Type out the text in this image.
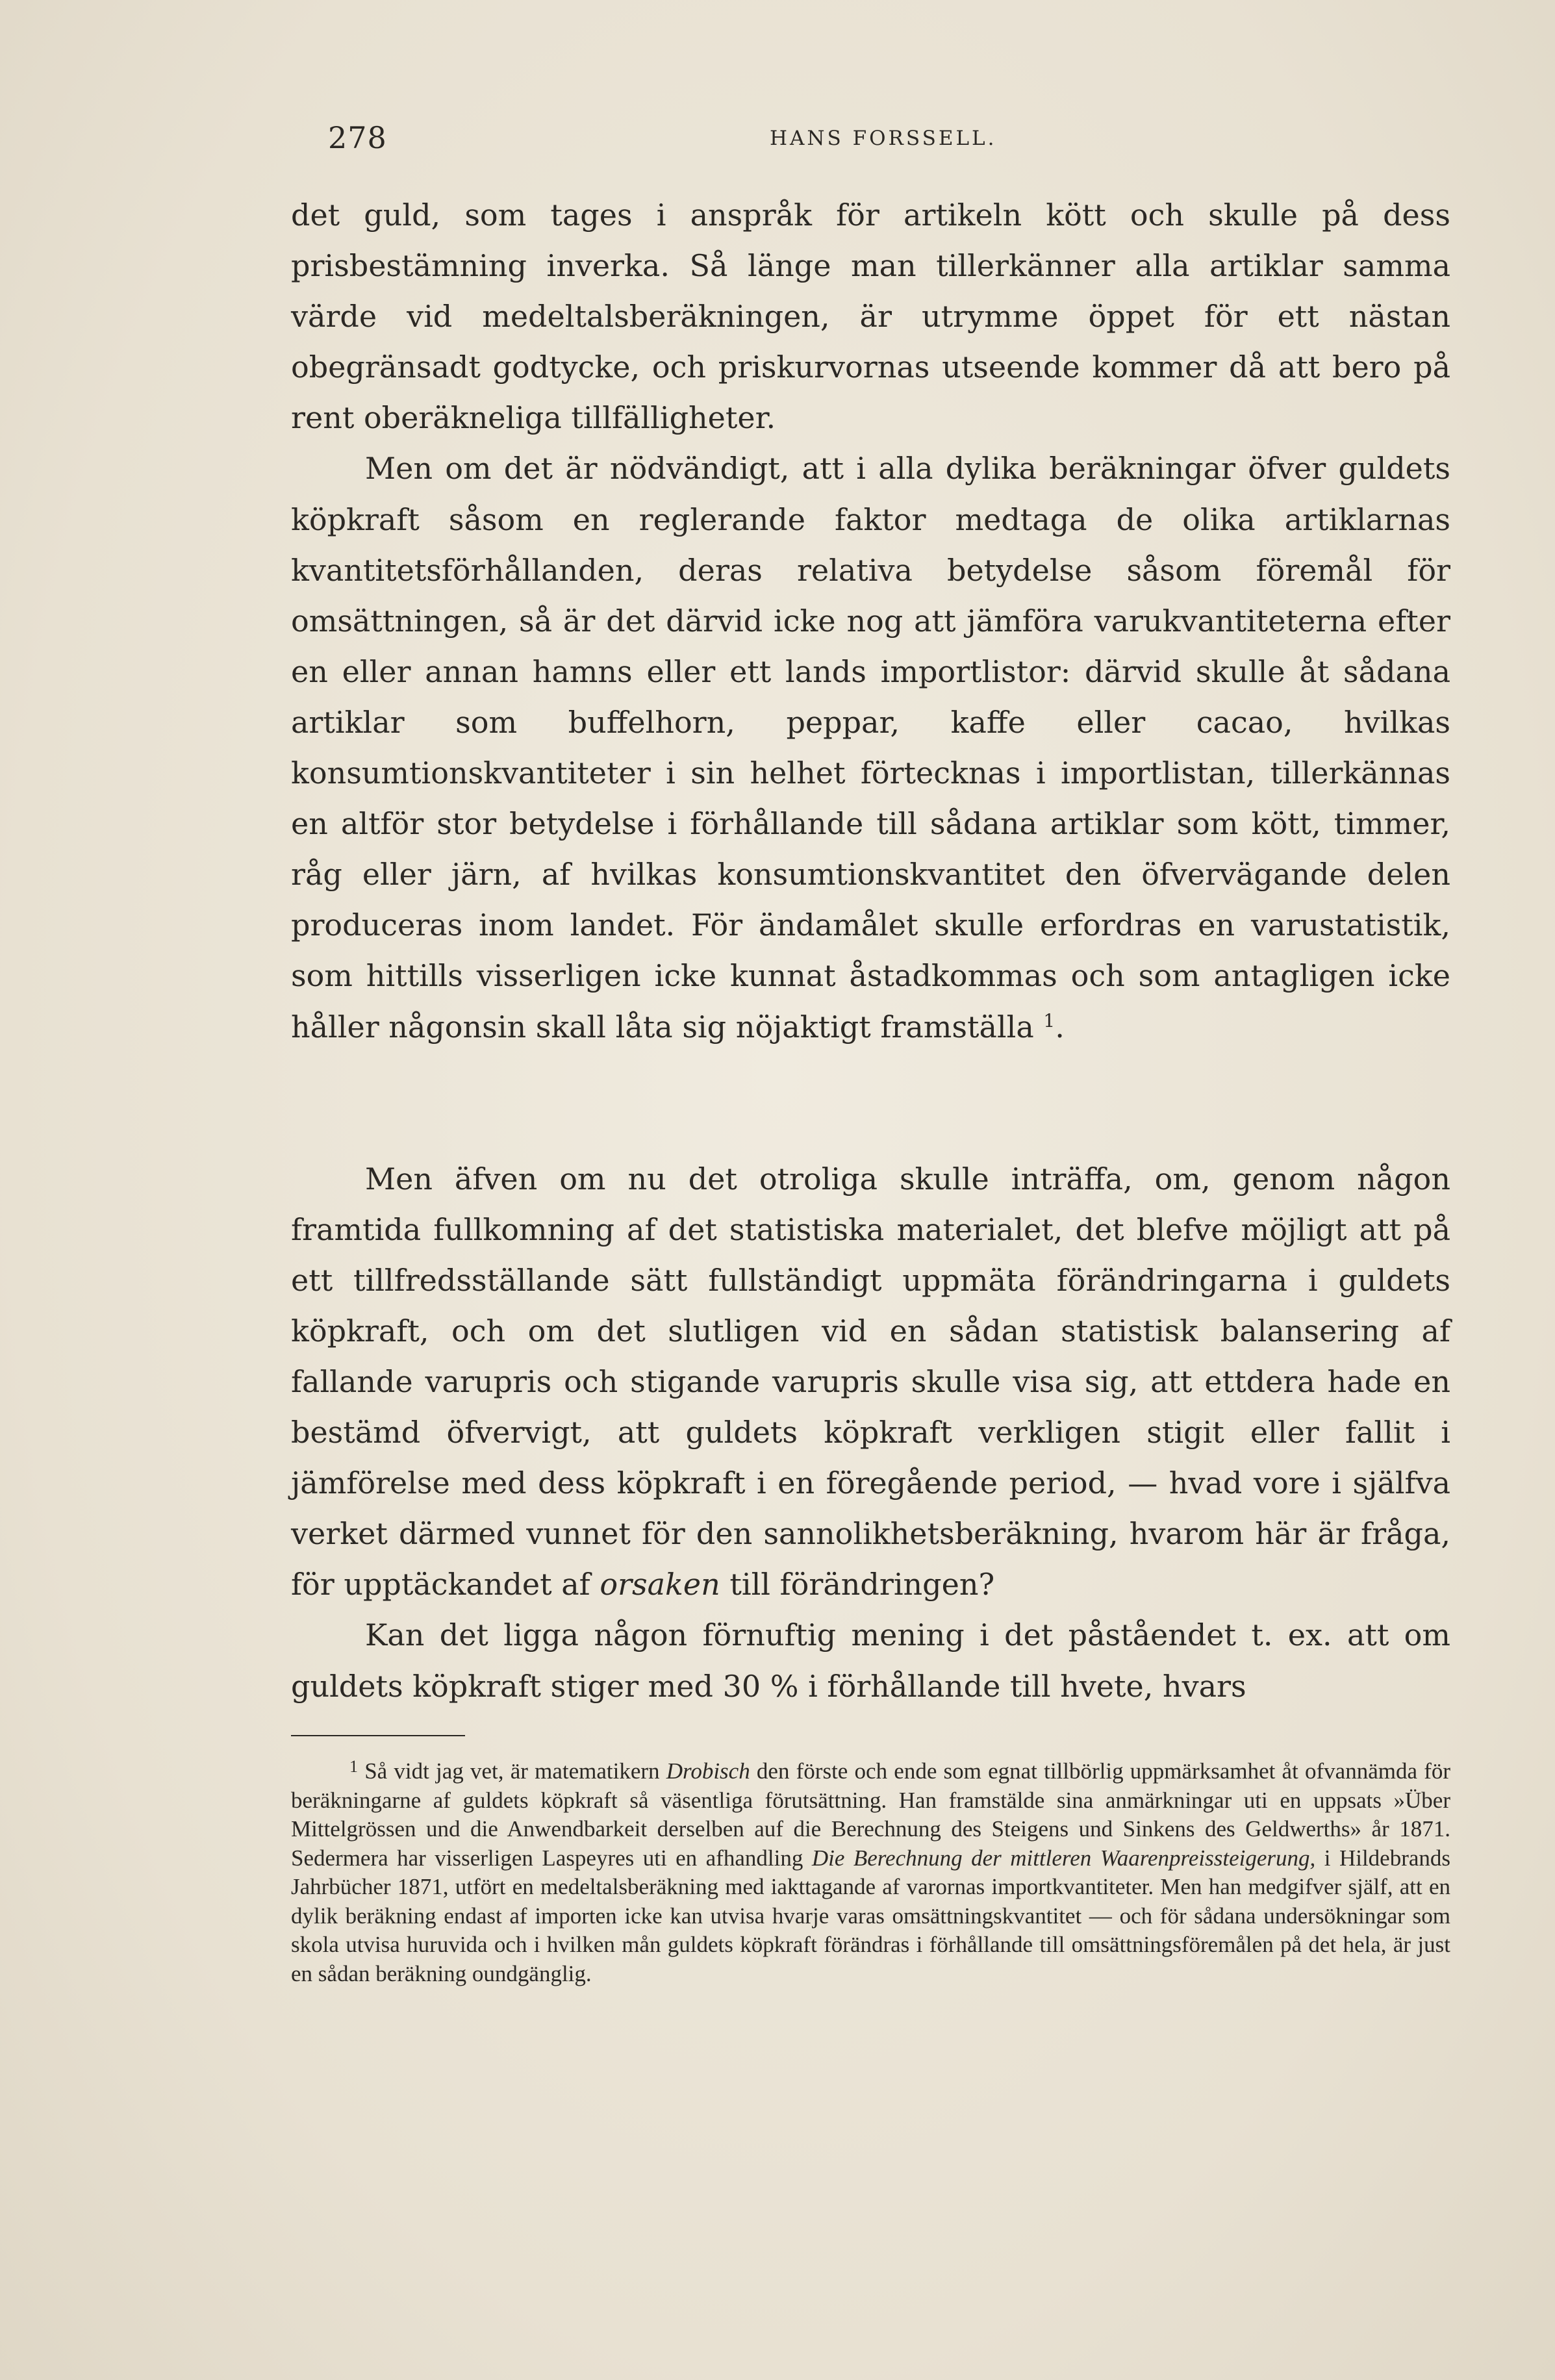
278	HANS FORSSELL.

det guld, som tages i anspråk för artikeln kött och skulle på dess prisbestämning inverka. Så länge man tillerkänner alla artiklar samma värde vid medeltalsberäkningen, är utrymme öppet för ett nästan obegränsadt godtycke, och priskurvornas utseende kommer då att bero på rent oberäkneliga tillfälligheter.

Men om det är nödvändigt, att i alla dylika beräkningar öfver guldets köpkraft såsom en reglerande faktor medtaga de olika artiklarnas kvantitetsförhållanden, deras relativa betydelse såsom föremål för omsättningen, så är det därvid icke nog att jämföra varukvantiteterna efter en eller annan hamns eller ett lands importlistor: därvid skulle åt sådana artiklar som buffelhorn, peppar, kaffe eller cacao, hvilkas konsumtionskvantiteter i sin helhet förtecknas i importlistan, tillerkännas en altför stor betydelse i förhållande till sådana artiklar som kött, timmer, råg eller järn, af hvilkas konsumtionskvantitet den öfvervägande delen produceras inom landet. För ändamålet skulle erfordras en varustatistik, som hittills visserligen icke kunnat åstadkommas och som antagligen icke håller någonsin skall låta sig nöjaktigt framställa $^1$.

Men äfven om nu det otroliga skulle inträffa, om, genom någon framtida fullkomning af det statistiska materialet, det blefve möjligt att på ett tillfredsställande sätt fullständigt uppmäta förändringarna i guldets köpkraft, och om det slutligen vid en sådan statistisk balansering af fallande varupris och stigande varupris skulle visa sig, att ettdera hade en bestämd öfvervigt, att guldets köpkraft verkligen stigit eller fallit i jämförelse med dess köpkraft i en föregående period, — hvad vore i själfva verket därmed vunnet för den sannolikhetsberäkning, hvarom här är fråga, för upptäckandet af orsaken till förändringen?

Kan det ligga någon förnuftig mening i det påståendet t. ex. att om guldets köpkraft stiger med 30 % i förhållande till hvete, hvars

$^1$ Så vidt jag vet, är matematikern Drobisch den förste och ende som egnat tillbörlig uppmärksamhet åt ofvannämda för beräkningarne af guldets köpkraft så väsentliga förutsättning. Han framstälde sina anmärkningar uti en uppsats »Über Mittelgrössen und die Anwendbarkeit derselben auf die Berechnung des Steigens und Sinkens des Geldwerths» år 1871. Sedermera har visserligen Laspeyres uti en afhandling Die Berechnung der mittleren Waarenpreissteigerung, i Hildebrands Jahrbücher 1871, utfört en medeltalsberäkning med iakttagande af varornas importkvantiteter. Men han medgifver själf, att en dylik beräkning endast af importen icke kan utvisa hvarje varas omsättningskvantitet — och för sådana undersökningar som skola utvisa huruvida och i hvilken mån guldets köpkraft förändras i förhållande till omsättningsföremålen på det hela, är just en sådan beräkning oundgänglig.
